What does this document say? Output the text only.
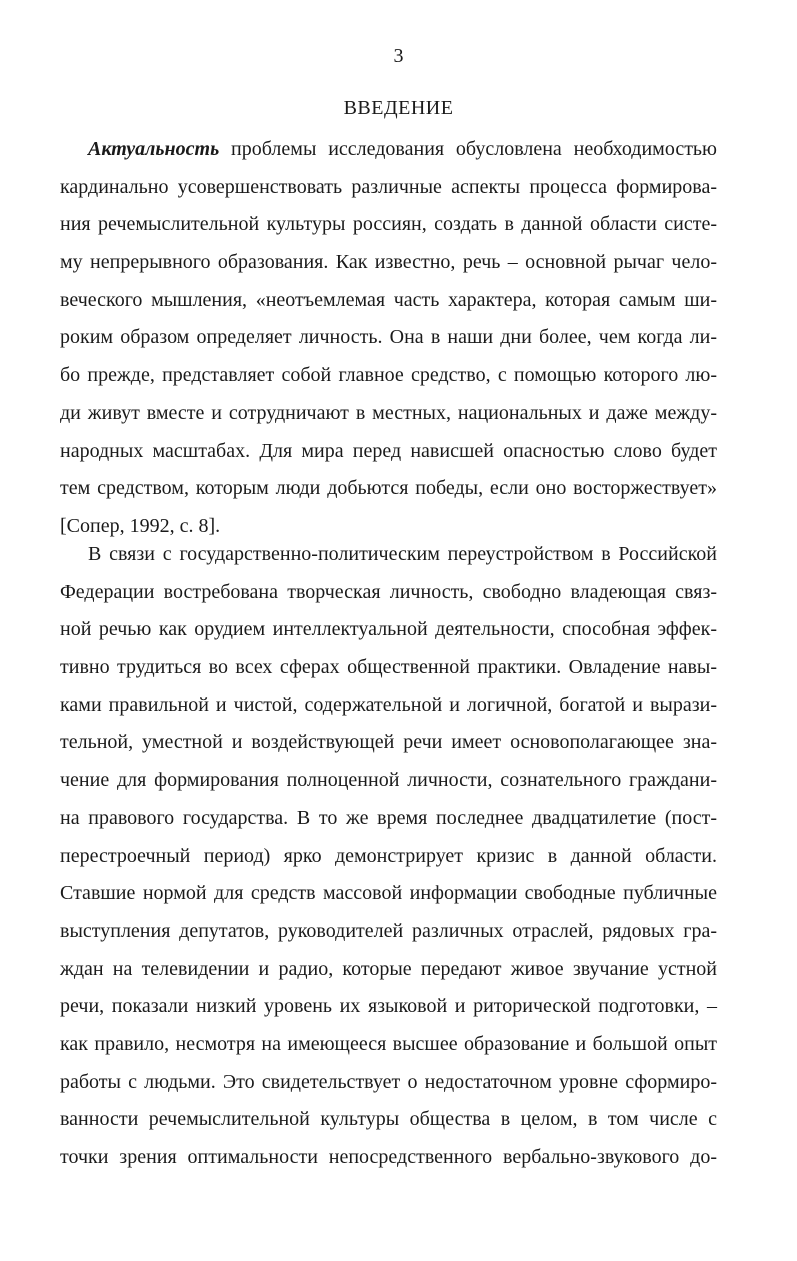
3
ВВЕДЕНИЕ
Актуальность проблемы исследования обусловлена необходимостью
кардинально усовершенствовать различные аспекты процесса формирова-
ния речемыслительной культуры россиян, создать в данной области систе-
му непрерывного образования. Как известно, речь – основной рычаг чело-
веческого мышления, «неотъемлемая часть характера, которая самым ши-
роким образом определяет личность. Она в наши дни более, чем когда ли-
бо прежде, представляет собой главное средство, с помощью которого лю-
ди живут вместе и сотрудничают в местных, национальных и даже между-
народных масштабах. Для мира перед нависшей опасностью слово будет
тем средством, которым люди добьются победы, если оно восторжествует»
[Сопер, 1992, с. 8].
В связи с государственно-политическим переустройством в Российской
Федерации востребована творческая личность, свободно владеющая связ-
ной речью как орудием интеллектуальной деятельности, способная эффек-
тивно трудиться во всех сферах общественной практики. Овладение навы-
ками правильной и чистой, содержательной и логичной, богатой и вырази-
тельной, уместной и воздействующей речи имеет основополагающее зна-
чение для формирования полноценной личности, сознательного граждани-
на правового государства. В то же время последнее двадцатилетие (пост-
перестроечный период) ярко демонстрирует кризис в данной области.
Ставшие нормой для средств массовой информации свободные публичные
выступления депутатов, руководителей различных отраслей, рядовых гра-
ждан на телевидении и радио, которые передают живое звучание устной
речи, показали низкий уровень их языковой и риторической подготовки, –
как правило, несмотря на имеющееся высшее образование и большой опыт
работы с людьми. Это свидетельствует о недостаточном уровне сформиро-
ванности речемыслительной культуры общества в целом, в том числе с
точки зрения оптимальности непосредственного вербально-звукового до-
